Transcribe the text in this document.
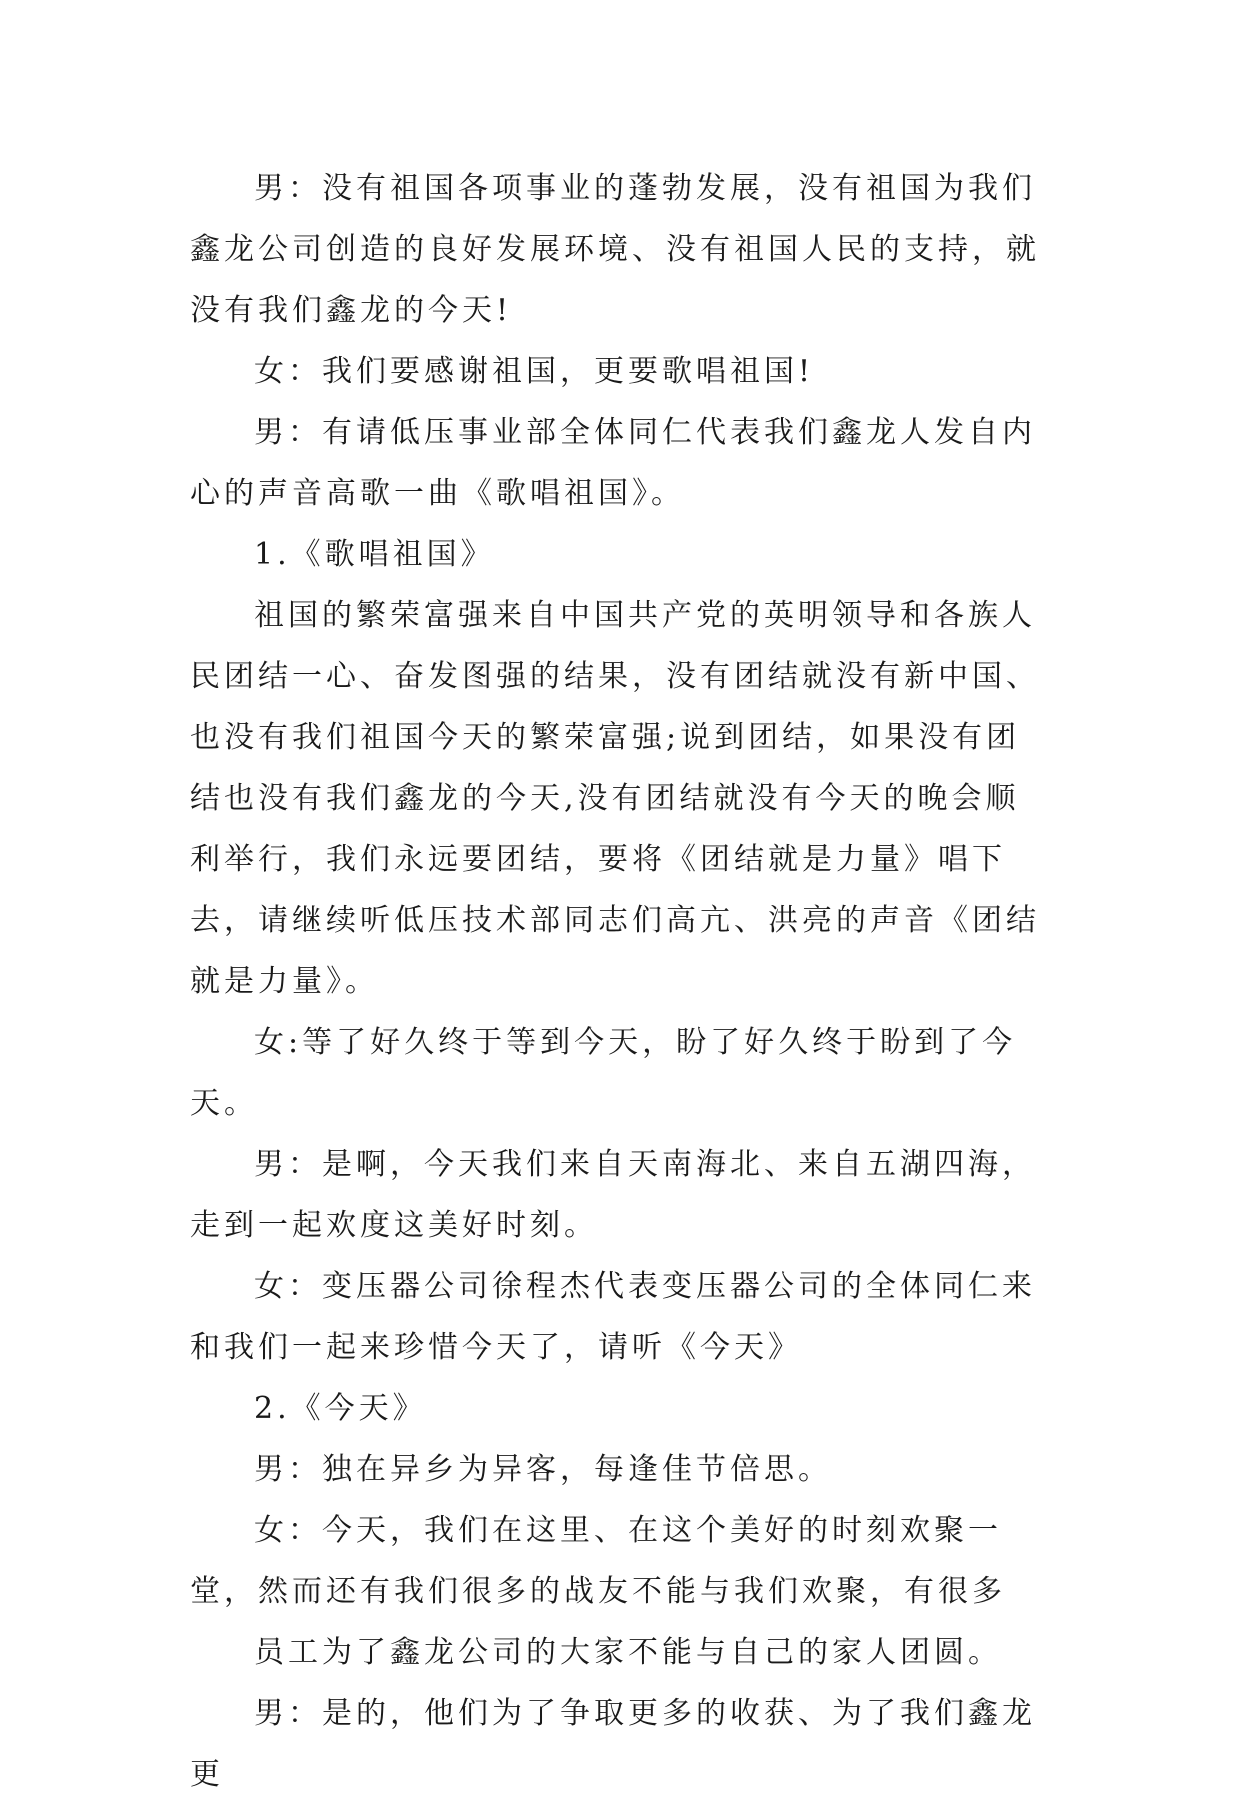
男：没有祖国各项事业的蓬勃发展，没有祖国为我们鑫龙公司创造的良好发展环境、没有祖国人民的支持，就没有我们鑫龙的今天!

女：我们要感谢祖国，更要歌唱祖国!

男：有请低压事业部全体同仁代表我们鑫龙人发自内心的声音高歌一曲《歌唱祖国》。

1.《歌唱祖国》

祖国的繁荣富强来自中国共产党的英明领导和各族人民团结一心、奋发图强的结果，没有团结就没有新中国、也没有我们祖国今天的繁荣富强;说到团结，如果没有团结也没有我们鑫龙的今天,没有团结就没有今天的晚会顺利举行，我们永远要团结，要将《团结就是力量》唱下去，请继续听低压技术部同志们高亢、洪亮的声音《团结就是力量》。

女:等了好久终于等到今天，盼了好久终于盼到了今天。

男：是啊，今天我们来自天南海北、来自五湖四海，走到一起欢度这美好时刻。

女：变压器公司徐程杰代表变压器公司的全体同仁来和我们一起来珍惜今天了，请听《今天》

2.《今天》

男：独在异乡为异客，每逢佳节倍思。

女：今天，我们在这里、在这个美好的时刻欢聚一堂，然而还有我们很多的战友不能与我们欢聚，有很多

员工为了鑫龙公司的大家不能与自己的家人团圆。

男：是的，他们为了争取更多的收获、为了我们鑫龙更
